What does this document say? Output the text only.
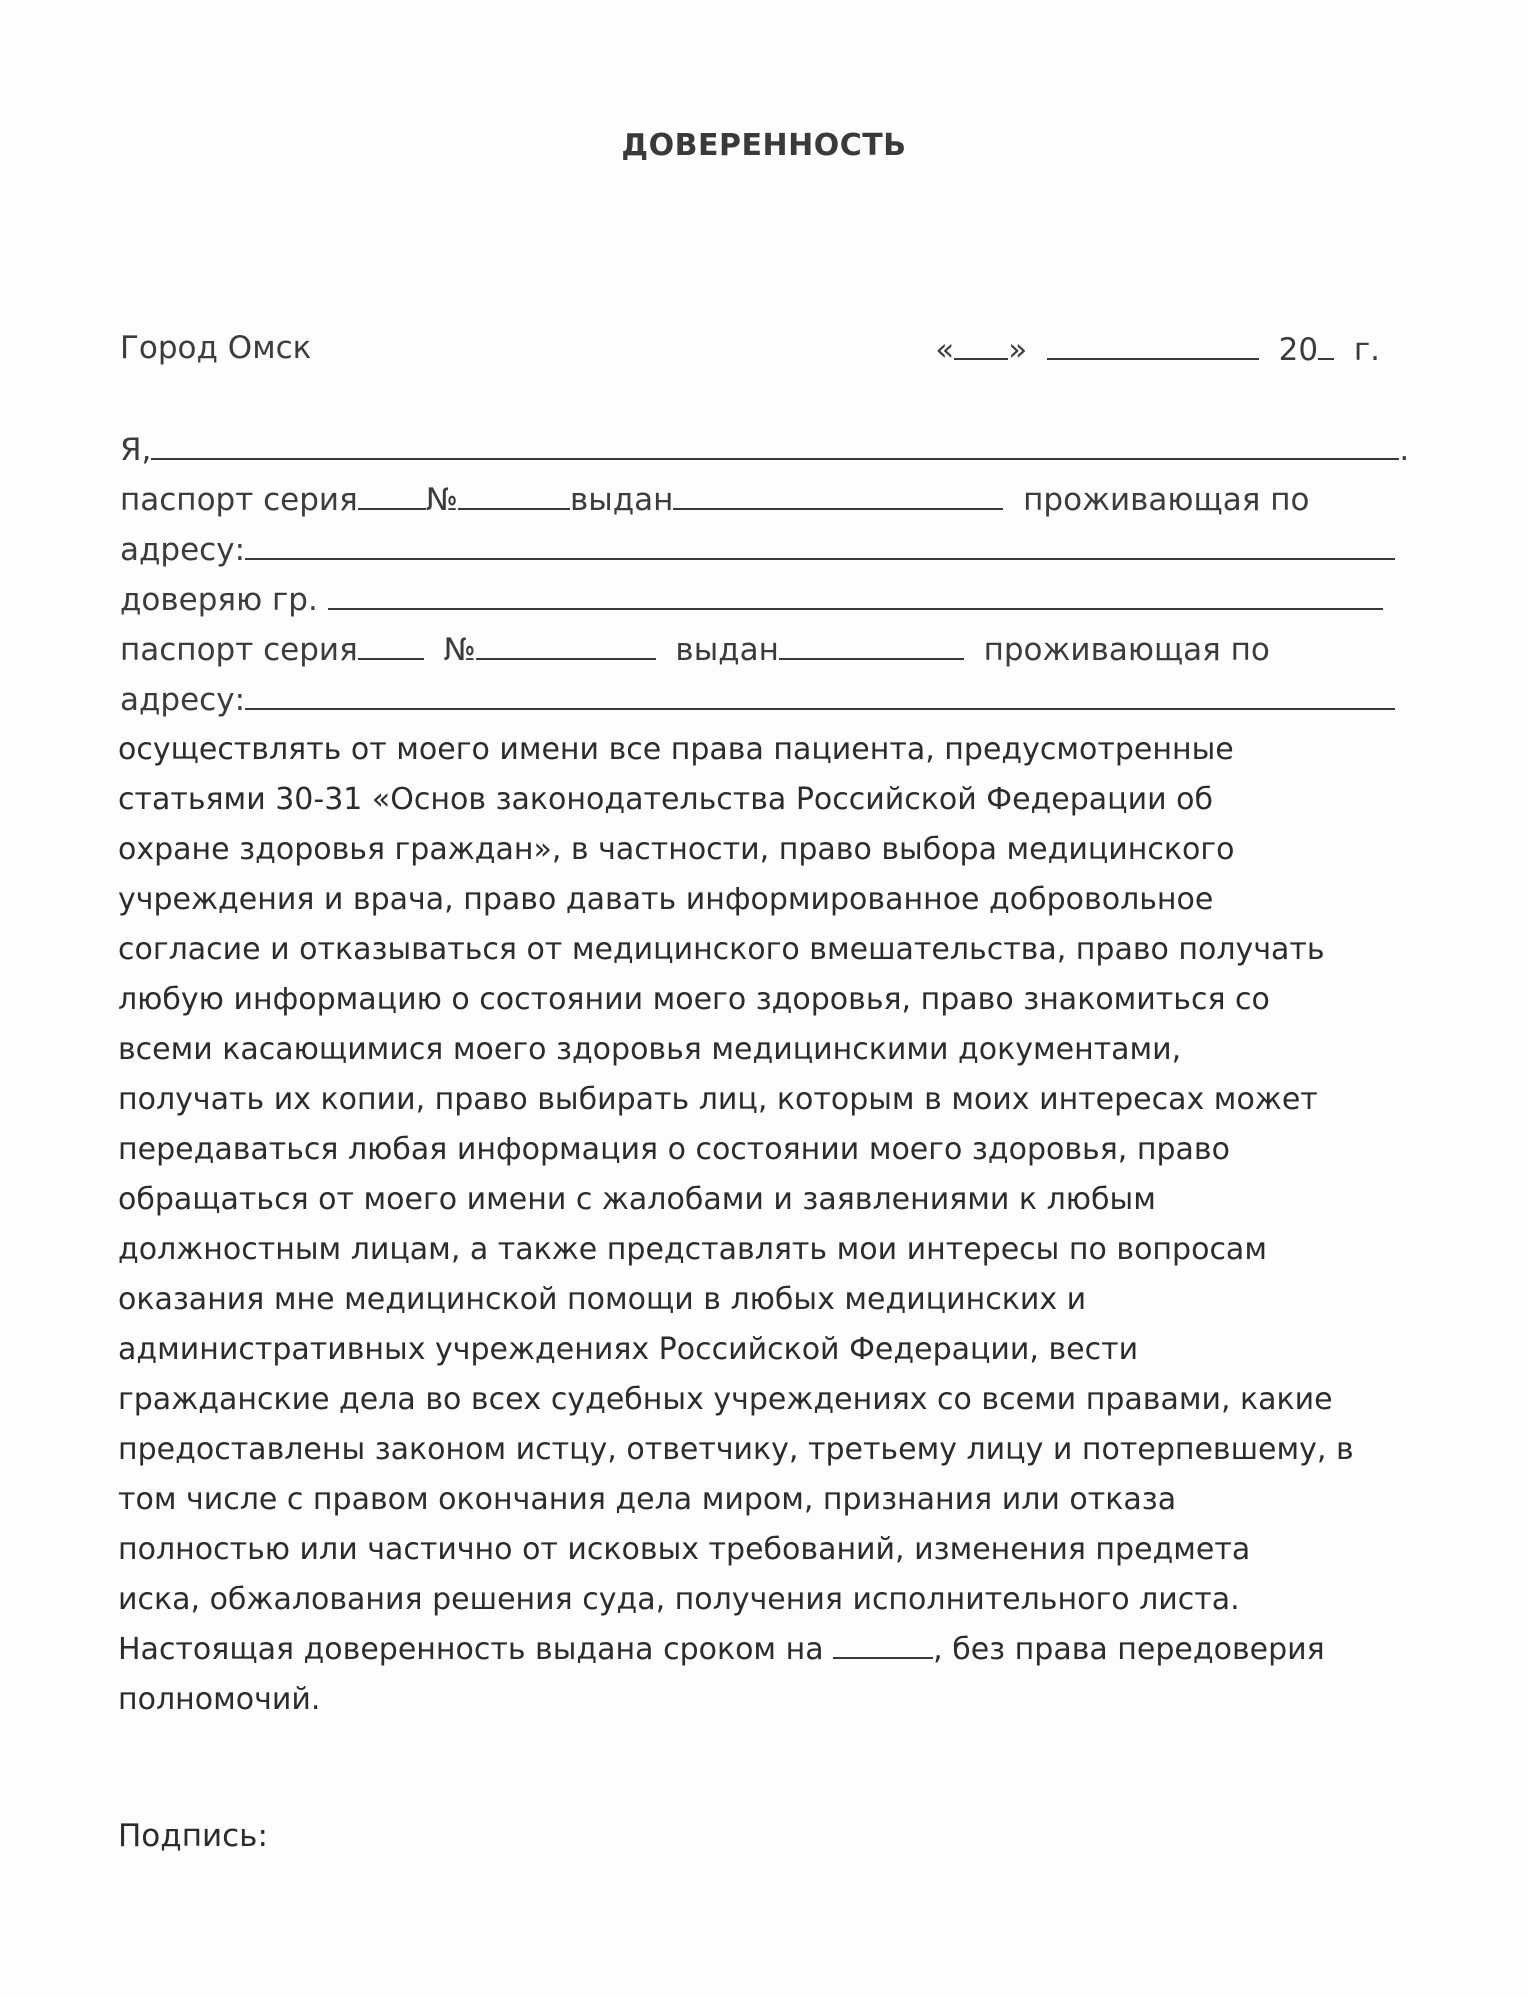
ДОВЕРЕННОСТЬ
Город Омск	« »	20 г.
Я,	.
паспорт серия №	выдан	проживающая по
адресу:
доверяю гр.
паспорт серия	№	выдан	проживающая по
адресу:
осуществлять от моего имени все права пациента, предусмотренные
статьями 30-31 «Основ законодательства Российской Федерации об
охране здоровья граждан», в частности, право выбора медицинского
учреждения и врача, право давать информированное добровольное
согласие и отказываться от медицинского вмешательства, право получать
любую информацию о состоянии моего здоровья, право знакомиться со
всеми касающимися моего здоровья медицинскими документами,
получать их копии, право выбирать лиц, которым в моих интересах может
передаваться любая информация о состоянии моего здоровья, право
обращаться от моего имени с жалобами и заявлениями к любым
должностным лицам, а также представлять мои интересы по вопросам
оказания мне медицинской помощи в любых медицинских и
административных учреждениях Российской Федерации, вести
гражданские дела во всех судебных учреждениях со всеми правами, какие
предоставлены законом истцу, ответчику, третьему лицу и потерпевшему, в
том числе с правом окончания дела миром, признания или отказа
полностью или частично от исковых требований, изменения предмета
иска, обжалования решения суда, получения исполнительного листа.
Настоящая доверенность выдана сроком на	, без права передоверия
полномочий.
Подпись:
